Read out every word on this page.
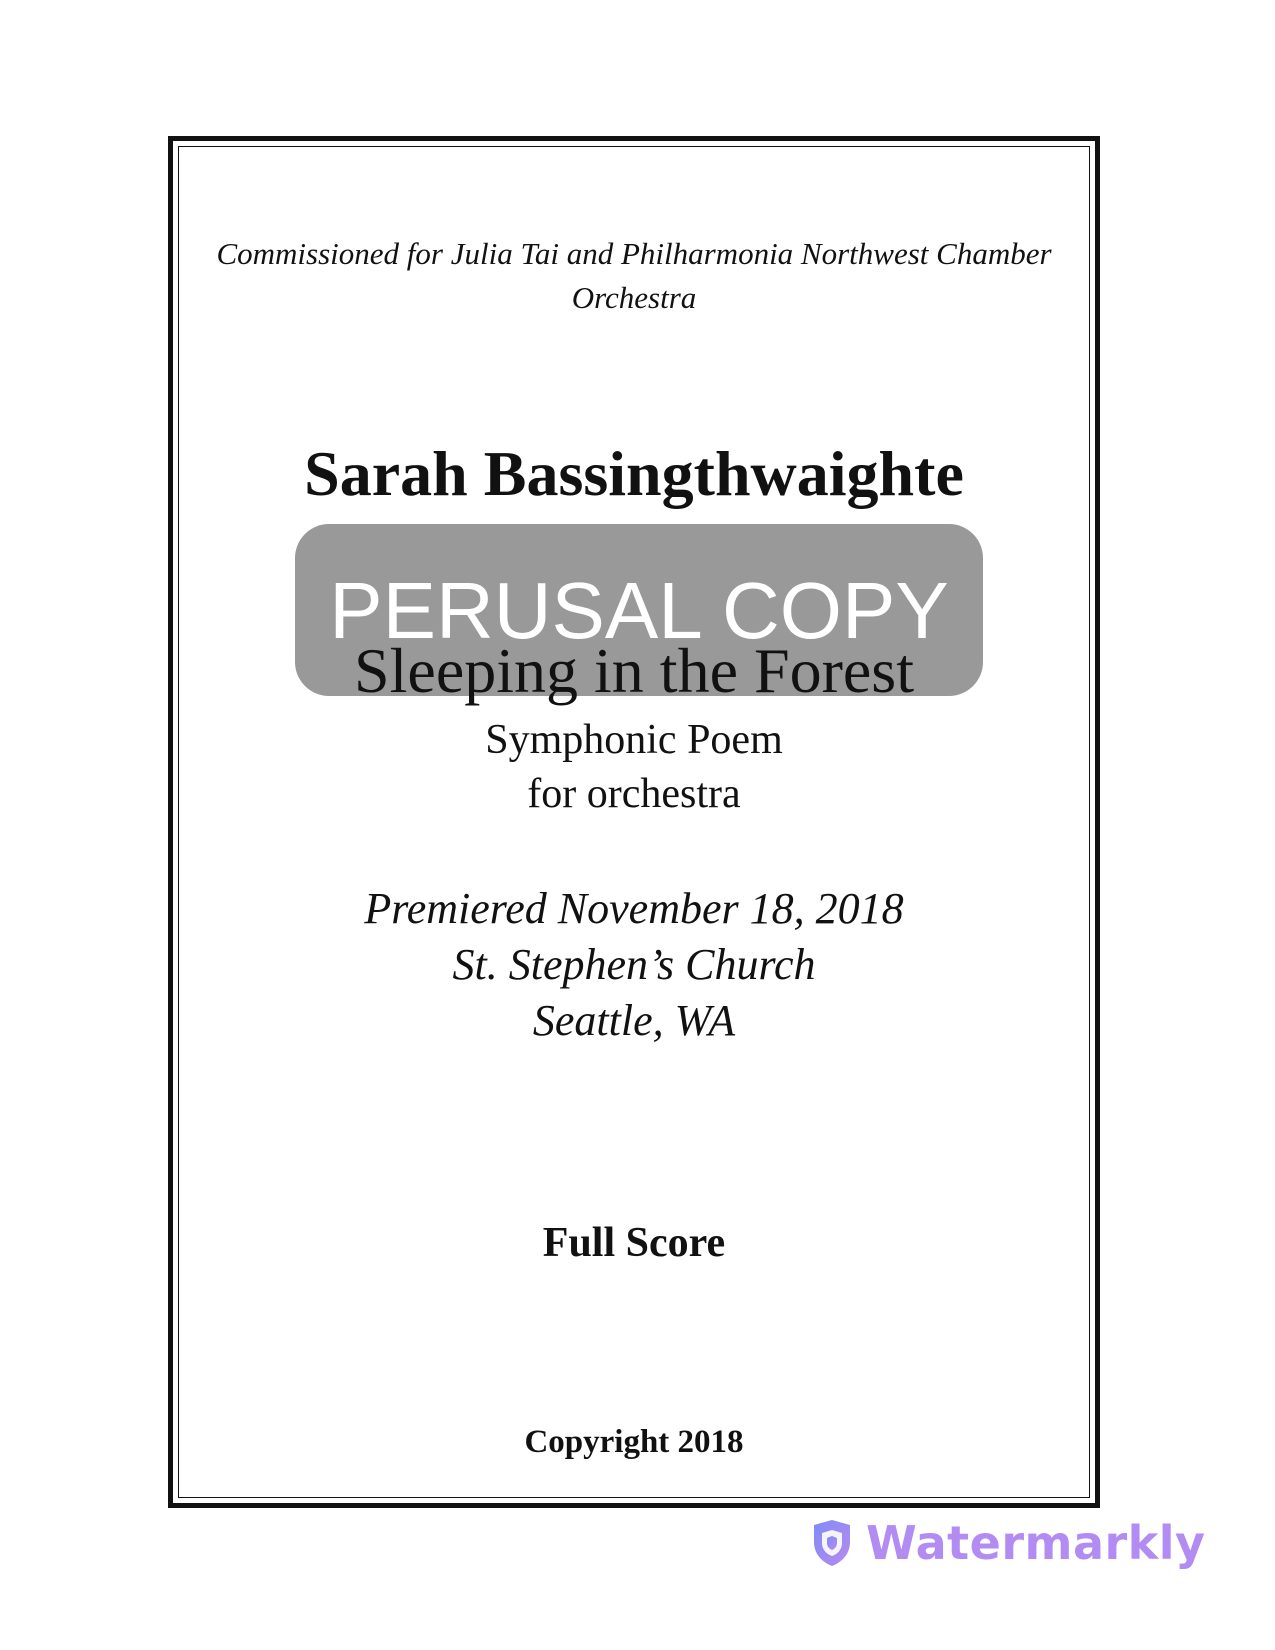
Commissioned for Julia Tai and Philharmonia Northwest Chamber Orchestra
Sarah Bassingthwaighte
PERUSAL COPY
Sleeping in the Forest
Symphonic Poem
for orchestra
Premiered November 18, 2018
St. Stephen’s Church
Seattle, WA
Full Score
Copyright 2018
Watermarkly
